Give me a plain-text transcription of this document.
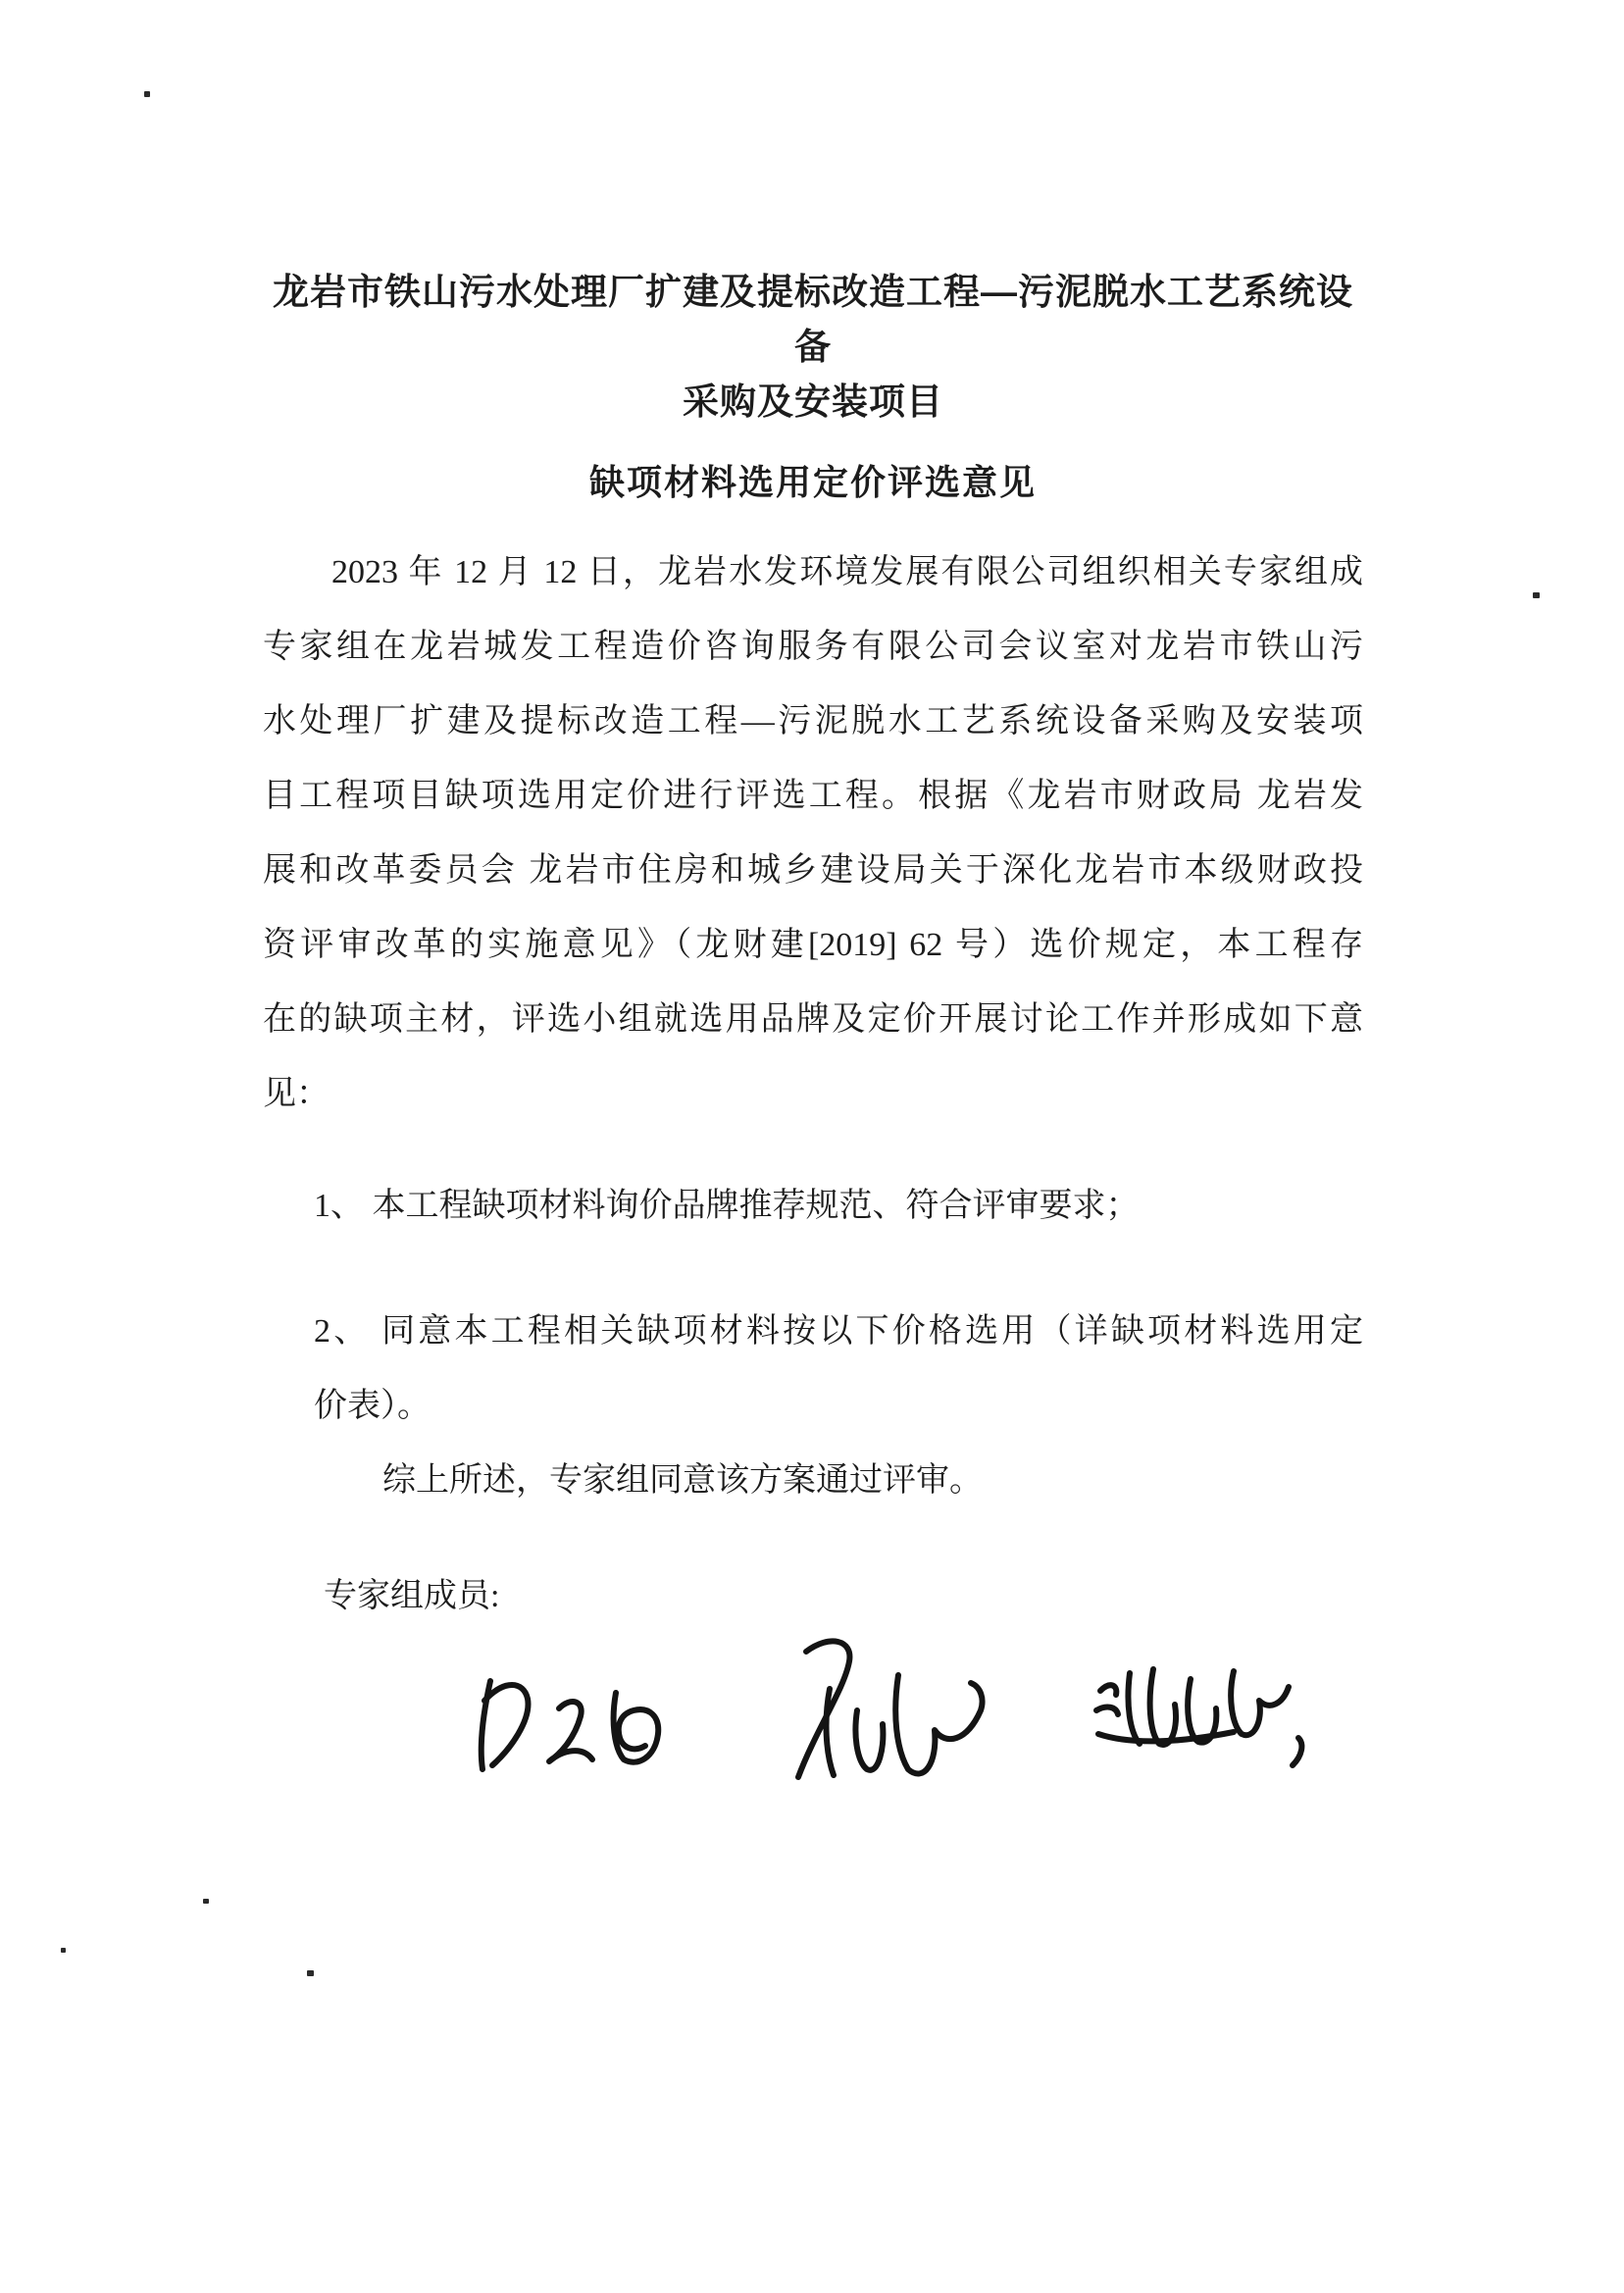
龙岩市铁山污水处理厂扩建及提标改造工程—污泥脱水工艺系统设备
采购及安装项目
缺项材料选用定价评选意见
2023 年 12 月 12 日，龙岩水发环境发展有限公司组织相关专家组成
专家组在龙岩城发工程造价咨询服务有限公司会议室对龙岩市铁山污
水处理厂扩建及提标改造工程—污泥脱水工艺系统设备采购及安装项
目工程项目缺项选用定价进行评选工程。根据《龙岩市财政局 龙岩发
展和改革委员会 龙岩市住房和城乡建设局关于深化龙岩市本级财政投
资评审改革的实施意见》（龙财建[2019] 62 号）选价规定，本工程存
在的缺项主材，评选小组就选用品牌及定价开展讨论工作并形成如下意
见：
1、 本工程缺项材料询价品牌推荐规范、符合评审要求；
2、 同意本工程相关缺项材料按以下价格选用（详缺项材料选用定
价表）。
综上所述，专家组同意该方案通过评审。
专家组成员:
